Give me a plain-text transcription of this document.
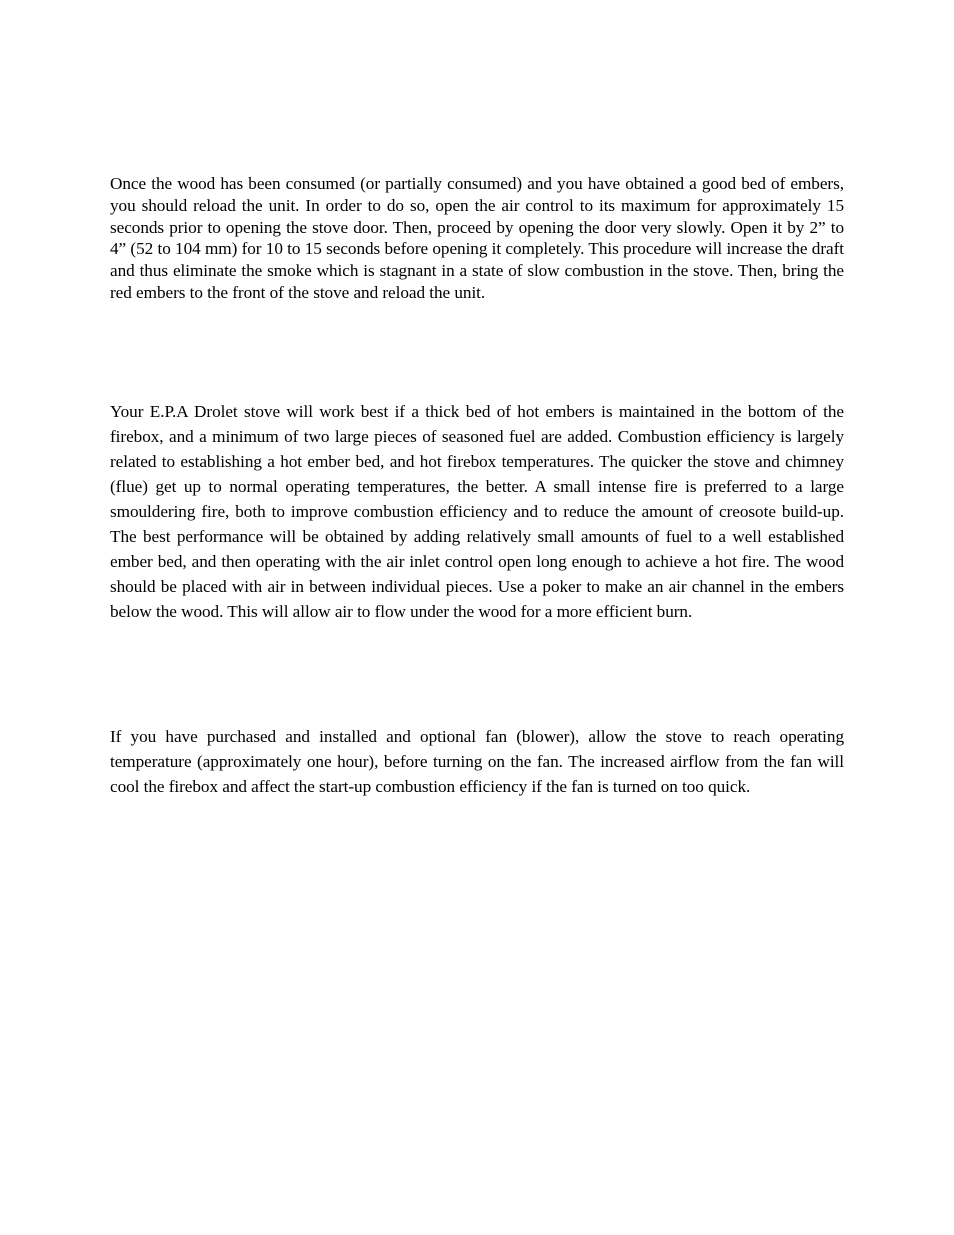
Once the wood has been consumed (or partially consumed) and you have obtained a good bed of embers, you should reload the unit. In order to do so, open the air control to its maximum for approximately 15 seconds prior to opening the stove door. Then, proceed by opening the door very slowly. Open it by 2” to 4” (52 to 104 mm) for 10 to 15 seconds before opening it completely. This procedure will increase the draft and thus eliminate the smoke which is stagnant in a state of slow combustion in the stove. Then, bring the red embers to the front of the stove and reload the unit.

Your E.P.A Drolet stove will work best if a thick bed of hot embers is maintained in the bottom of the firebox, and a minimum of two large pieces of seasoned fuel are added. Combustion efficiency is largely related to establishing a hot ember bed, and hot firebox temperatures. The quicker the stove and chimney (flue) get up to normal operating temperatures, the better. A small intense fire is preferred to a large smouldering fire, both to improve combustion efficiency and to reduce the amount of creosote build-up. The best performance will be obtained by adding relatively small amounts of fuel to a well established ember bed, and then operating with the air inlet control open long enough to achieve a hot fire. The wood should be placed with air in between individual pieces. Use a poker to make an air channel in the embers below the wood. This will allow air to flow under the wood for a more efficient burn.

If you have purchased and installed and optional fan (blower), allow the stove to reach operating temperature (approximately one hour), before turning on the fan. The increased airflow from the fan will cool the firebox and affect the start-up combustion efficiency if the fan is turned on too quick.
